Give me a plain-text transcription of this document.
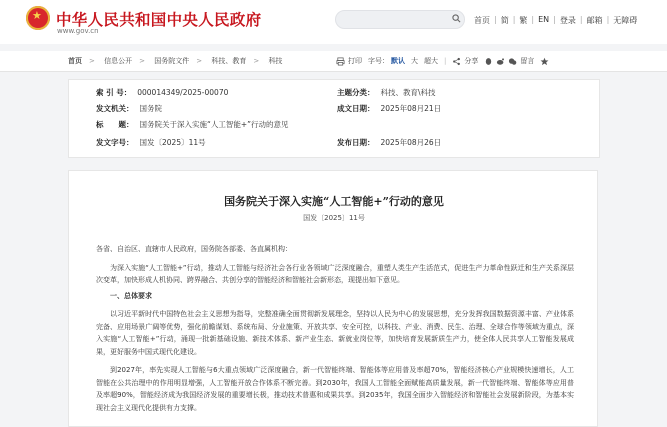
★ 中华人民共和国中央人民政府
www.gov.cn
首页 | 简 | 繁 | EN | 登录 | 邮箱 | 无障碍
首页 > 信息公开 > 国务院文件 > 科技、教育 > 科技	打印 字号： 默认 大 超大 |	分享	留言
索 引 号： 000014349/2025-00070	主题分类： 科技、教育\科技
发文机关： 国务院	成文日期： 2025年08月21日
标　　题： 国务院关于深入实施“人工智能+”行动的意见
发文字号： 国发〔2025〕11号	发布日期： 2025年08月26日
国务院关于深入实施“人工智能+”行动的意见
国发〔2025〕11号

各省、自治区、直辖市人民政府，国务院各部委、各直属机构：

为深入实施“人工智能+”行动，推动人工智能与经济社会各行业各领域广泛深度融合，重塑人类生产生活范式，促进生产力革命性跃迁和生产关系深层次变革，加快形成人机协同、跨界融合、共创分享的智能经济和智能社会新形态，现提出如下意见。

一、总体要求

以习近平新时代中国特色社会主义思想为指导，完整准确全面贯彻新发展理念，坚持以人民为中心的发展思想，充分发挥我国数据资源丰富、产业体系完备、应用场景广阔等优势，强化前瞻谋划、系统布局、分业施策、开放共享、安全可控，以科技、产业、消费、民生、治理、全球合作等领域为重点，深入实施“人工智能+”行动，涌现一批新基础设施、新技术体系、新产业生态、新就业岗位等，加快培育发展新质生产力，使全体人民共享人工智能发展成果，更好服务中国式现代化建设。

到2027年，率先实现人工智能与6大重点领域广泛深度融合，新一代智能终端、智能体等应用普及率超70%，智能经济核心产业规模快速增长，人工智能在公共治理中的作用明显增强，人工智能开放合作体系不断完善。到2030年，我国人工智能全面赋能高质量发展，新一代智能终端、智能体等应用普及率超90%，智能经济成为我国经济发展的重要增长极，推动技术普惠和成果共享。到2035年，我国全面步入智能经济和智能社会发展新阶段，为基本实现社会主义现代化提供有力支撑。
